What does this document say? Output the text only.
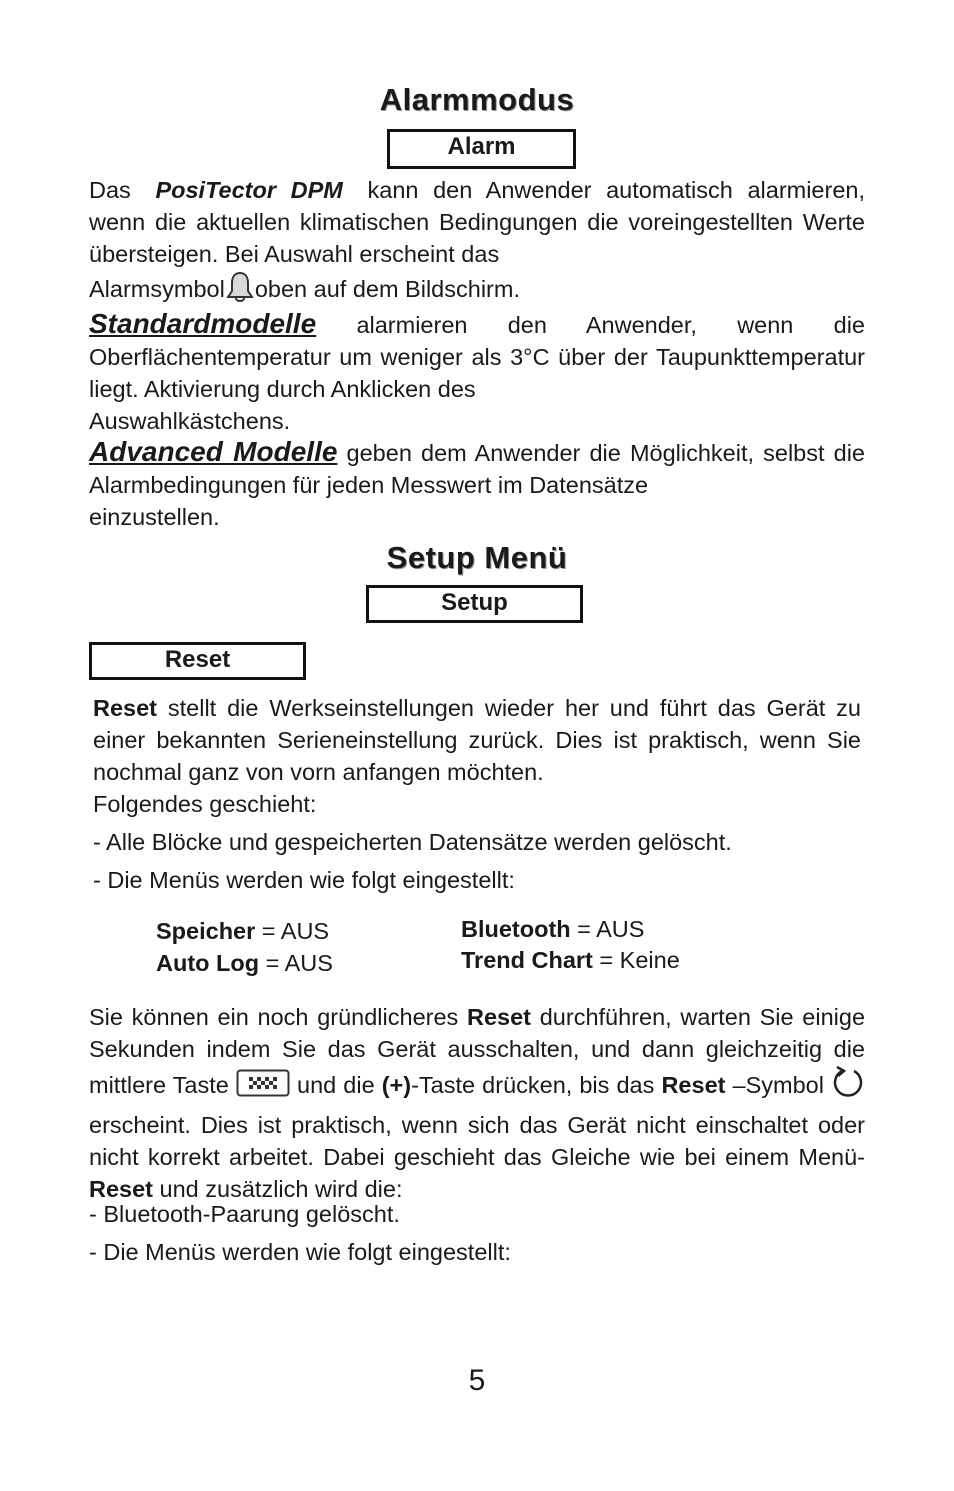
Alarmmodus
Alarm
Das PosiTector DPM kann den Anwender automatisch alarmieren, wenn die aktuellen klimatischen Bedingungen die voreingestellten Werte übersteigen. Bei Auswahl erscheint das
Alarmsymbol oben auf dem Bildschirm.
Standardmodelle alarmieren den Anwender, wenn die Oberflächentemperatur um weniger als 3°C über der Taupunkttemperatur liegt. Aktivierung durch Anklicken des
Auswahlkästchens.
Advanced Modelle geben dem Anwender die Möglichkeit, selbst die Alarmbedingungen für jeden Messwert im Datensätze
einzustellen.
Setup Menü
Setup
Reset
Reset stellt die Werkseinstellungen wieder her und führt das Gerät zu einer bekannten Serieneinstellung zurück. Dies ist praktisch, wenn Sie nochmal ganz von vorn anfangen möchten.
Folgendes geschieht:
- Alle Blöcke und gespeicherten Datensätze werden gelöscht.
- Die Menüs werden wie folgt eingestellt:
Speicher = AUS
Auto Log = AUS
Bluetooth = AUS
Trend Chart = Keine
Sie können ein noch gründlicheres Reset durchführen, warten Sie einige Sekunden indem Sie das Gerät ausschalten, und dann gleichzeitig die mittlere Taste	und die (+)-Taste drücken, bis das Reset –Symbol  erscheint. Dies ist praktisch, wenn sich das Gerät nicht einschaltet oder nicht korrekt arbeitet. Dabei geschieht das Gleiche wie bei einem Menü-Reset und zusätzlich wird die:
- Bluetooth-Paarung gelöscht.
- Die Menüs werden wie folgt eingestellt:
5
